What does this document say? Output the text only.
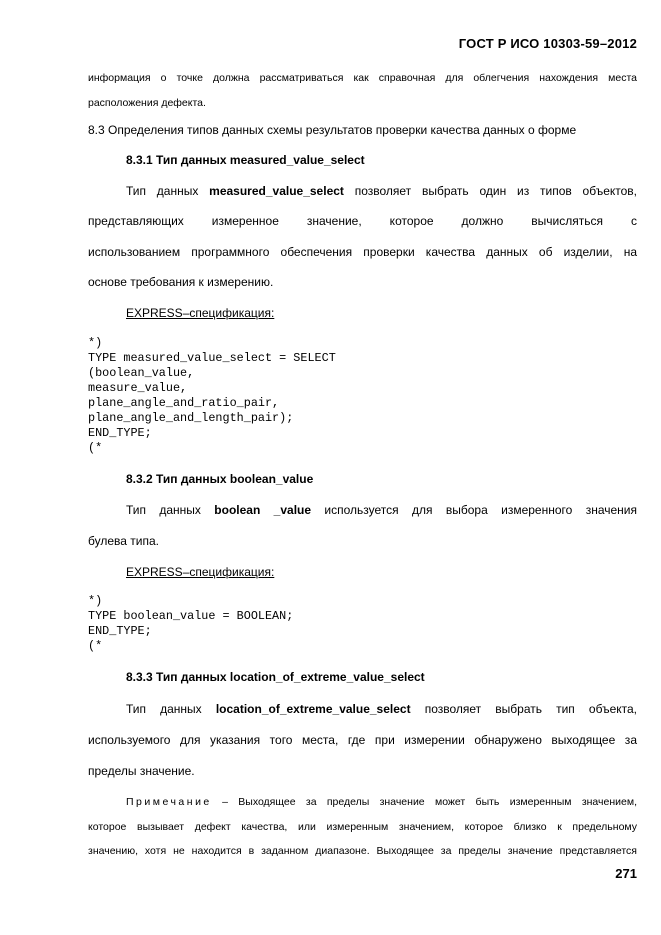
ГОСТ Р ИСО 10303-59–2012
информация о точке должна рассматриваться как справочная для облегчения нахождения места
расположения дефекта.
8.3 Определения типов данных схемы результатов проверки качества данных о форме
8.3.1 Тип данных measured_value_select
Тип данных measured_value_select позволяет выбрать один из типов объектов,
представляющих измеренное значение, которое должно вычисляться с
использованием программного обеспечения проверки качества данных об изделии, на
основе требования к измерению.
EXPRESS–спецификация:
*)
TYPE measured_value_select = SELECT
(boolean_value,
measure_value,
plane_angle_and_ratio_pair,
plane_angle_and_length_pair);
END_TYPE;
(*
8.3.2 Тип данных boolean_value
Тип данных boolean _value используется для выбора измеренного значения
булева типа.
EXPRESS–спецификация:
*)
TYPE boolean_value = BOOLEAN;
END_TYPE;
(*
8.3.3 Тип данных location_of_extreme_value_select
Тип данных location_of_extreme_value_select позволяет выбрать тип объекта,
используемого для указания того места, где при измерении обнаружено выходящее за
пределы значение.
Примечание – Выходящее за пределы значение может быть измеренным значением,
которое вызывает дефект качества, или измеренным значением, которое близко к предельному
значению, хотя не находится в заданном диапазоне. Выходящее за пределы значение представляется
271
